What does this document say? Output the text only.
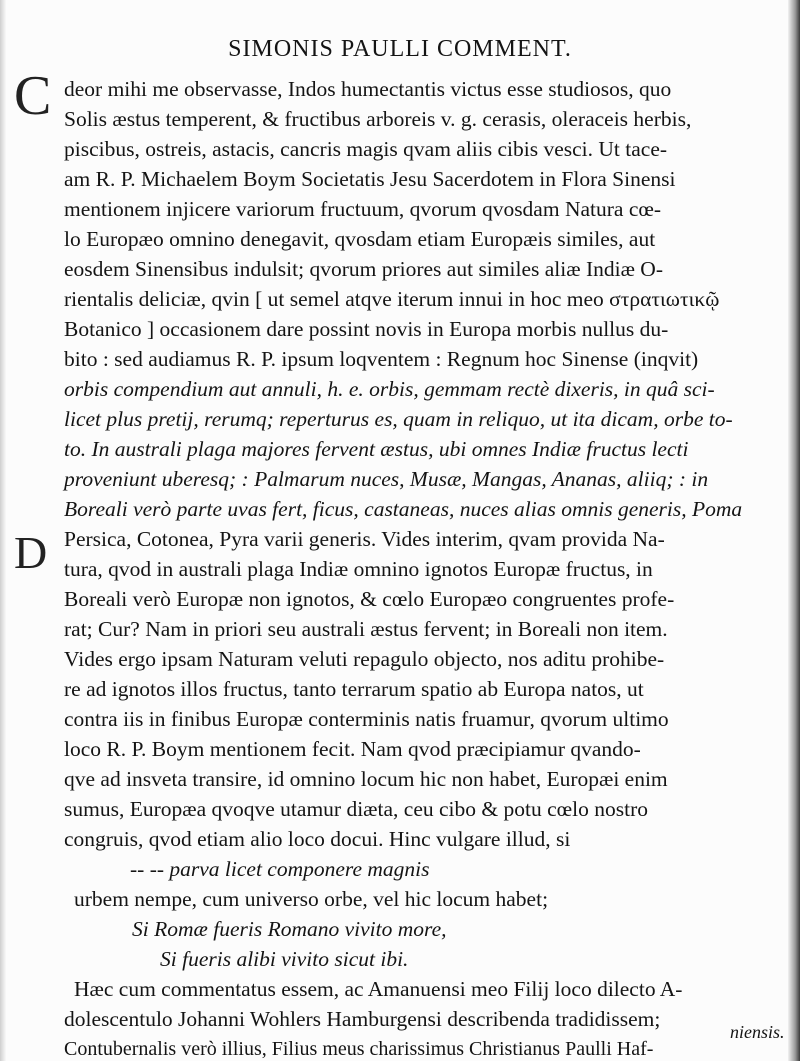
SIMONIS PAULLI COMMENT.
C
D
deor mihi me observasse, Indos humectantis victus esse studiosos, quo
Solis æstus temperent, & fructibus arboreis v. g. cerasis, oleraceis herbis,
piscibus, ostreis, astacis, cancris magis qvam aliis cibis vesci. Ut tace-
am R. P. Michaelem Boym Societatis Jesu Sacerdotem in Flora Sinensi
mentionem injicere variorum fructuum, qvorum qvosdam Natura cœ-
lo Europæo omnino denegavit, qvosdam etiam Europæis similes, aut
eosdem Sinensibus indulsit; qvorum priores aut similes aliæ Indiæ O-
rientalis deliciæ, qvin [ ut semel atqve iterum innui in hoc meo στρατιωτικῷ
Botanico ] occasionem dare possint novis in Europa morbis nullus du-
bito : sed audiamus R. P. ipsum loqventem : Regnum hoc Sinense (inqvit)
orbis compendium aut annuli, h. e. orbis, gemmam rectè dixeris, in quâ sci-
licet plus pretij, rerumq; reperturus es, quam in reliquo, ut ita dicam, orbe to-
to. In australi plaga majores fervent æstus, ubi omnes Indiæ fructus lecti
proveniunt uberesq; : Palmarum nuces, Musæ, Mangas, Ananas, aliiq; : in
Boreali verò parte uvas fert, ficus, castaneas, nuces alias omnis generis, Poma
Persica, Cotonea, Pyra varii generis. Vides interim, qvam provida Na-
tura, qvod in australi plaga Indiæ omnino ignotos Europæ fructus, in
Boreali verò Europæ non ignotos, & cœlo Europæo congruentes profe-
rat; Cur? Nam in priori seu australi æstus fervent; in Boreali non item.
Vides ergo ipsam Naturam veluti repagulo objecto, nos aditu prohibe-
re ad ignotos illos fructus, tanto terrarum spatio ab Europa natos, ut
contra iis in finibus Europæ conterminis natis fruamur, qvorum ultimo
loco R. P. Boym mentionem fecit. Nam qvod præcipiamur qvando-
qve ad insveta transire, id omnino locum hic non habet, Europæi enim
sumus, Europæa qvoqve utamur diæta, ceu cibo & potu cœlo nostro
congruis, qvod etiam alio loco docui. Hinc vulgare illud, si
-- -- parva licet componere magnis
urbem nempe, cum universo orbe, vel hic locum habet;
Si Romæ fueris Romano vivito more,
Si fueris alibi vivito sicut ibi.
Hæc cum commentatus essem, ac Amanuensi meo Filij loco dilecto A-
dolescentulo Johanni Wohlers Hamburgensi describenda tradidissem;
Contubernalis verò illius, Filius meus charissimus Christianus Paulli Haf-
niensis.
